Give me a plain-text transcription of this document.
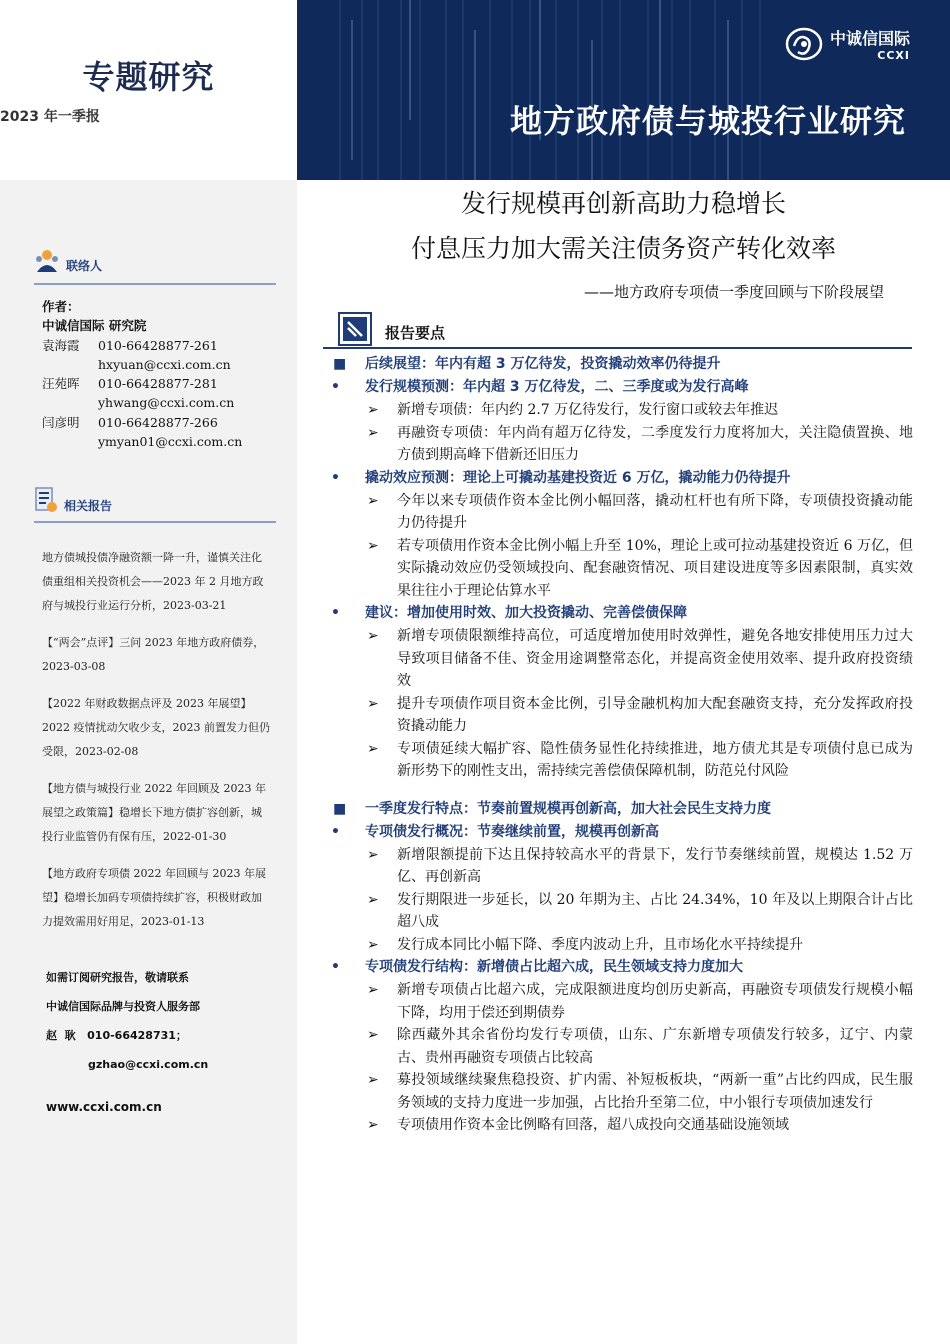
专题研究
2023 年一季报
中诚信国际
CCXI
地方政府债与城投行业研究
联络人
作者：
中诚信国际 研究院
袁海霞	010-66428877-261
hxyuan@ccxi.com.cn
汪苑晖	010-66428877-281
yhwang@ccxi.com.cn
闫彦明	010-66428877-266
ymyan01@ccxi.com.cn
相关报告

地方债城投债净融资额一降一升，谨慎关注化债重组相关投资机会——2023 年 2 月地方政府与城投行业运行分析，2023-03-21

【“两会”点评】三问 2023 年地方政府债券，2023-03-08

【2022 年财政数据点评及 2023 年展望】2022 疫情扰动欠收少支，2023 前置发力但仍受限，2023-02-08

【地方债与城投行业 2022 年回顾及 2023 年展望之政策篇】稳增长下地方债扩容创新，城投行业监管仍有保有压，2022-01-30

【地方政府专项债 2022 年回顾与 2023 年展望】稳增长加码专项债持续扩容，积极财政加力提效需用好用足，2023-01-13

如需订阅研究报告，敬请联系
中诚信国际品牌与投资人服务部
赵  耿   010-66428731；
gzhao@ccxi.com.cn
www.ccxi.com.cn
发行规模再创新高助力稳增长
付息压力加大需关注债务资产转化效率
——地方政府专项债一季度回顾与下阶段展望
报告要点
■	后续展望：年内有超 3 万亿待发，投资撬动效率仍待提升
•	发行规模预测：年内超 3 万亿待发，二、三季度或为发行高峰
➢	新增专项债：年内约 2.7 万亿待发行，发行窗口或较去年推迟
➢	再融资专项债：年内尚有超万亿待发，二季度发行力度将加大，关注隐债置换、地方债到期高峰下借新还旧压力
•	撬动效应预测：理论上可撬动基建投资近 6 万亿，撬动能力仍待提升
➢	今年以来专项债作资本金比例小幅回落，撬动杠杆也有所下降，专项债投资撬动能力仍待提升
➢	若专项债用作资本金比例小幅上升至 10%，理论上或可拉动基建投资近 6 万亿，但实际撬动效应仍受领域投向、配套融资情况、项目建设进度等多因素限制，真实效果往往小于理论估算水平
•	建议：增加使用时效、加大投资撬动、完善偿债保障
➢	新增专项债限额维持高位，可适度增加使用时效弹性，避免各地安排使用压力过大导致项目储备不佳、资金用途调整常态化，并提高资金使用效率、提升政府投资绩效
➢	提升专项债作项目资本金比例，引导金融机构加大配套融资支持，充分发挥政府投资撬动能力
➢	专项债延续大幅扩容、隐性债务显性化持续推进，地方债尤其是专项债付息已成为新形势下的刚性支出，需持续完善偿债保障机制，防范兑付风险
■	一季度发行特点：节奏前置规模再创新高，加大社会民生支持力度
•	专项债发行概况：节奏继续前置，规模再创新高
➢	新增限额提前下达且保持较高水平的背景下，发行节奏继续前置，规模达 1.52 万亿、再创新高
➢	发行期限进一步延长，以 20 年期为主、占比 24.34%，10 年及以上期限合计占比超八成
➢	发行成本同比小幅下降、季度内波动上升，且市场化水平持续提升
•	专项债发行结构：新增债占比超六成，民生领域支持力度加大
➢	新增专项债占比超六成，完成限额进度均创历史新高，再融资专项债发行规模小幅下降，均用于偿还到期债券
➢	除西藏外其余省份均发行专项债，山东、广东新增专项债发行较多，辽宁、内蒙古、贵州再融资专项债占比较高
➢	募投领域继续聚焦稳投资、扩内需、补短板板块，“两新一重”占比约四成，民生服务领域的支持力度进一步加强，占比抬升至第二位，中小银行专项债加速发行
➢	专项债用作资本金比例略有回落，超八成投向交通基础设施领域
